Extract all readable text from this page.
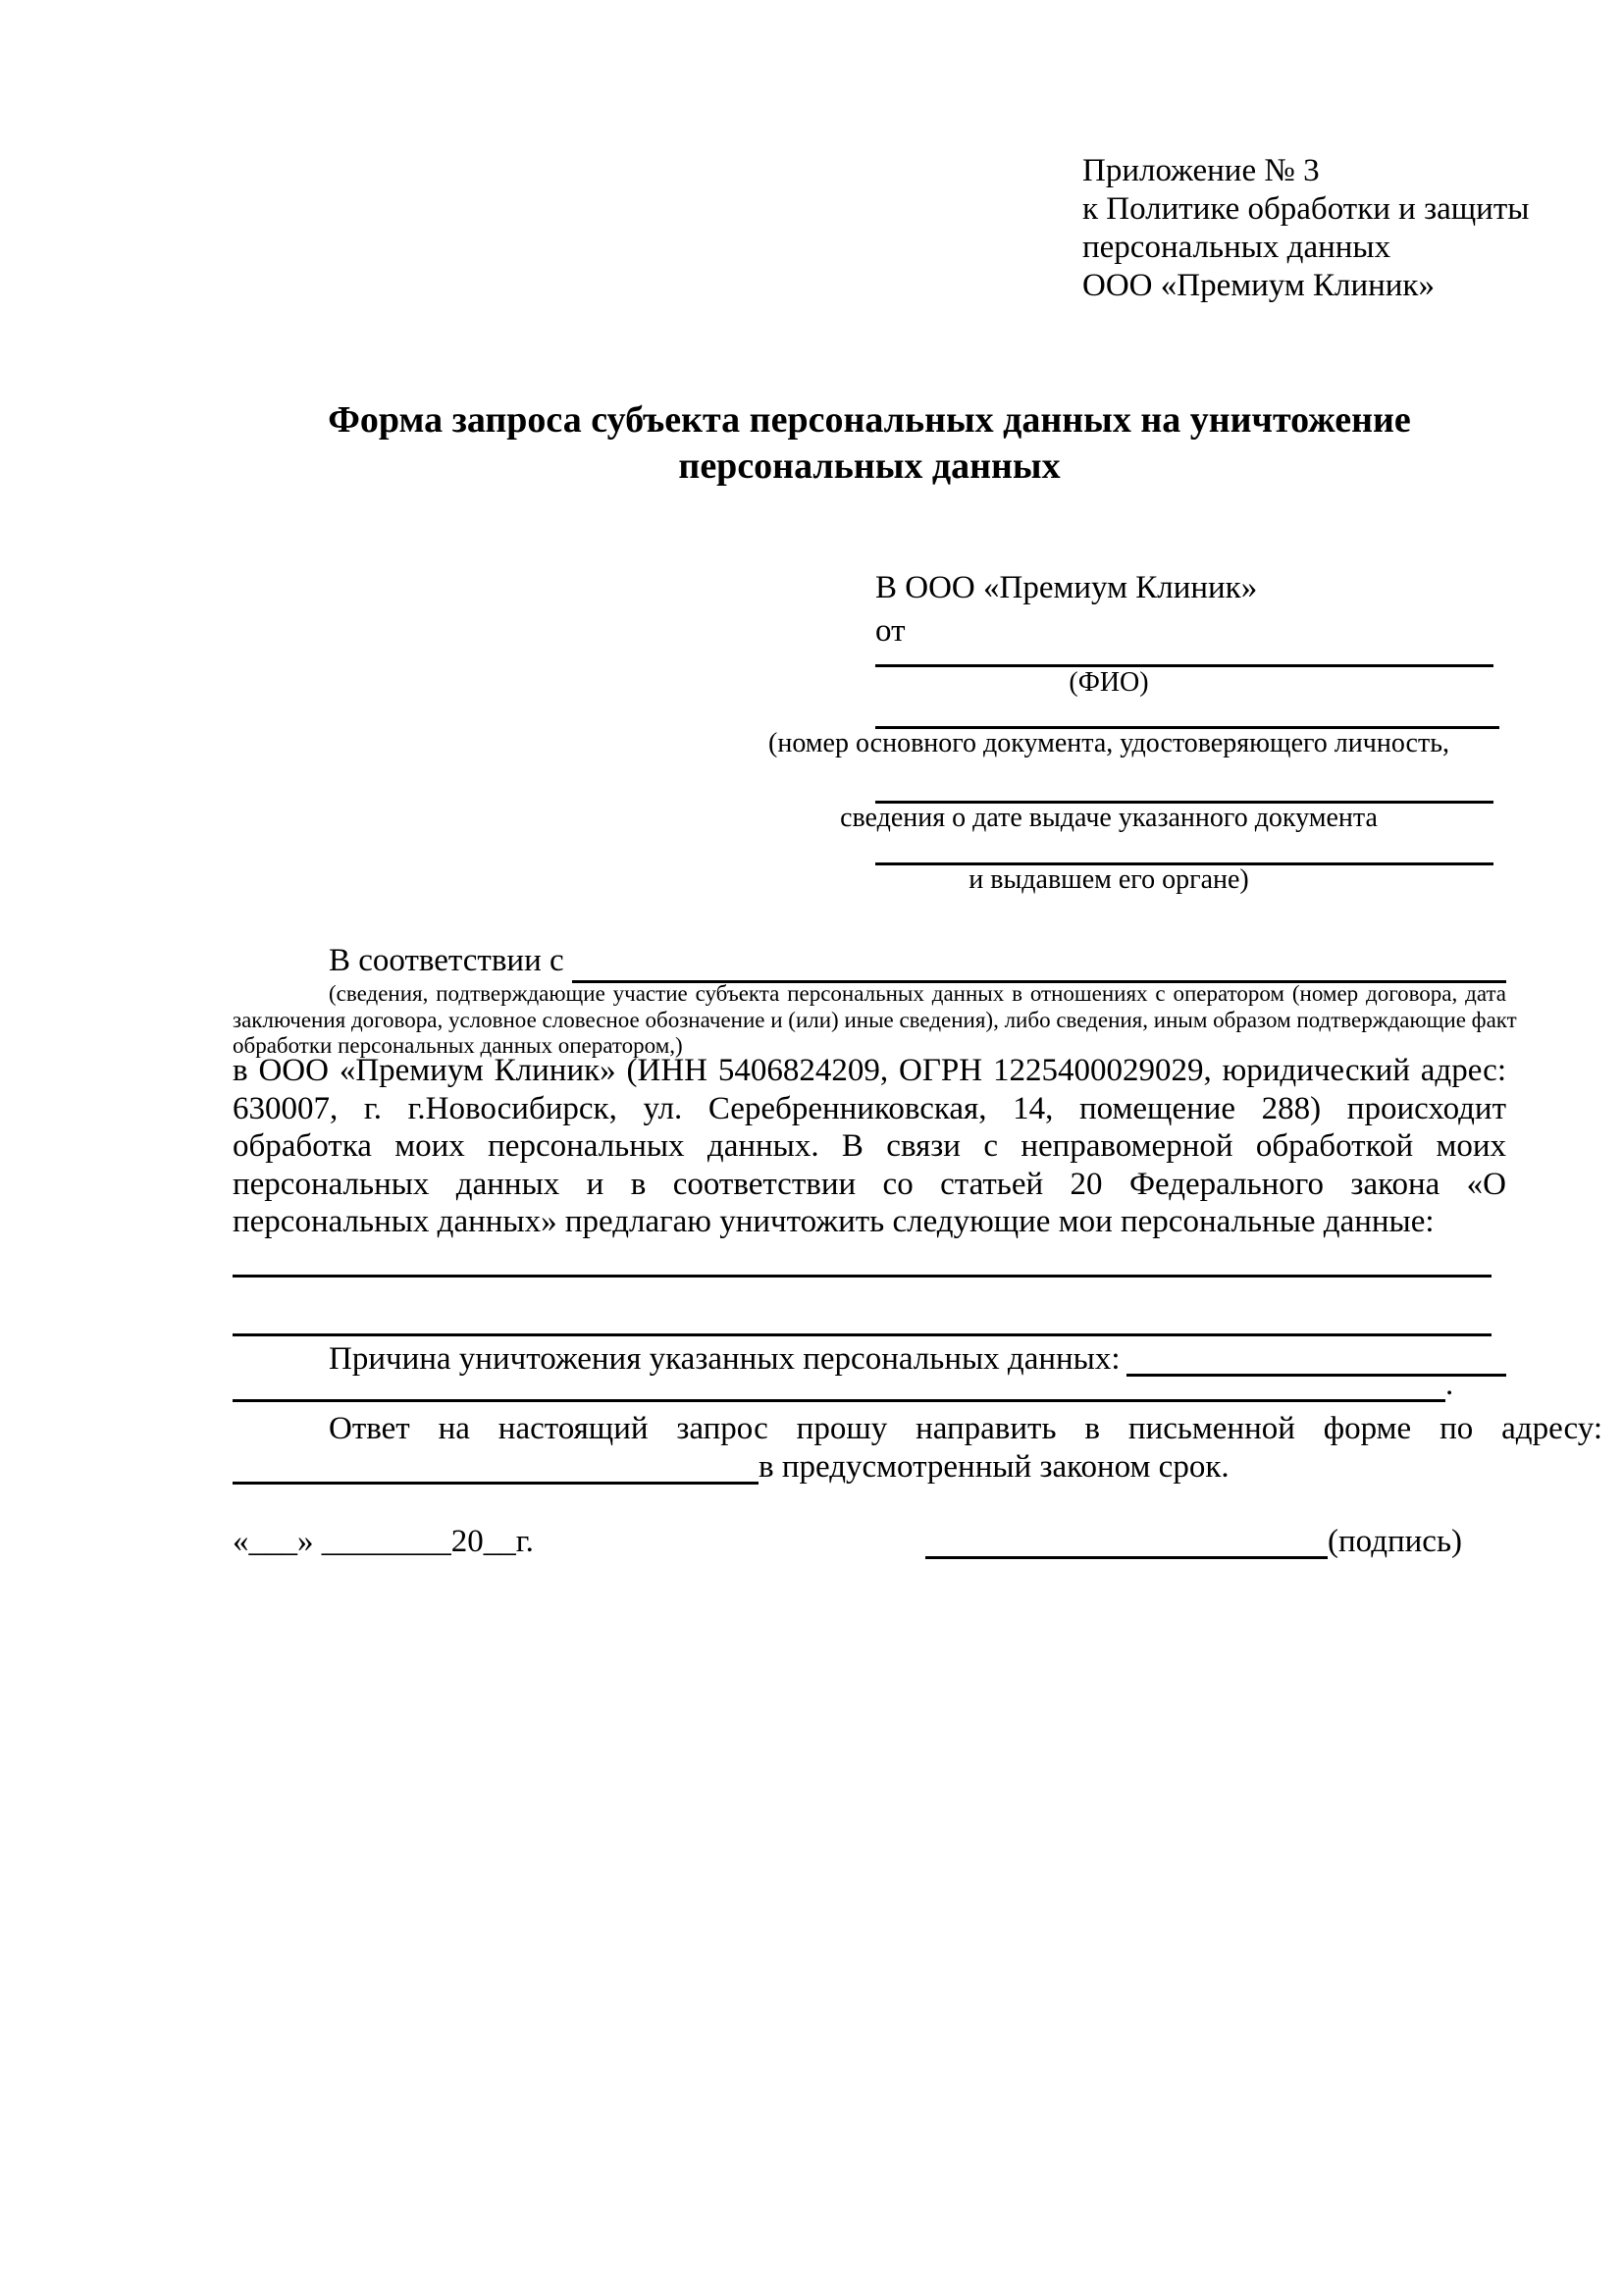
Приложение № 3
к Политике обработки и защиты
персональных данных
ООО «Премиум Клиник»
Форма запроса субъекта персональных данных на уничтожение
персональных данных
В ООО «Премиум Клиник»
от
(ФИО)
(номер основного документа, удостоверяющего личность,
сведения о дате выдаче указанного документа
и выдавшем его органе)
В соответствии с
(сведения, подтверждающие участие субъекта персональных данных в отношениях с оператором (номер договора, дата
заключения договора, условное словесное обозначение и (или) иные сведения), либо сведения, иным образом подтверждающие факт
обработки персональных данных оператором,)
в ООО «Премиум Клиник» (ИНН 5406824209, ОГРН 1225400029029, юридический адрес:
630007, г. г.Новосибирск, ул. Серебренниковская, 14, помещение 288) происходит
обработка моих персональных данных. В связи с неправомерной обработкой моих
персональных данных и в соответствии со статьей 20 Федерального закона «О
персональных данных» предлагаю уничтожить следующие мои персональные данные:
Причина уничтожения указанных персональных данных:
.
Ответ на настоящий запрос прошу направить в письменной форме по адресу:
в предусмотренный законом срок.
«___» ________20__г.	(подпись)
